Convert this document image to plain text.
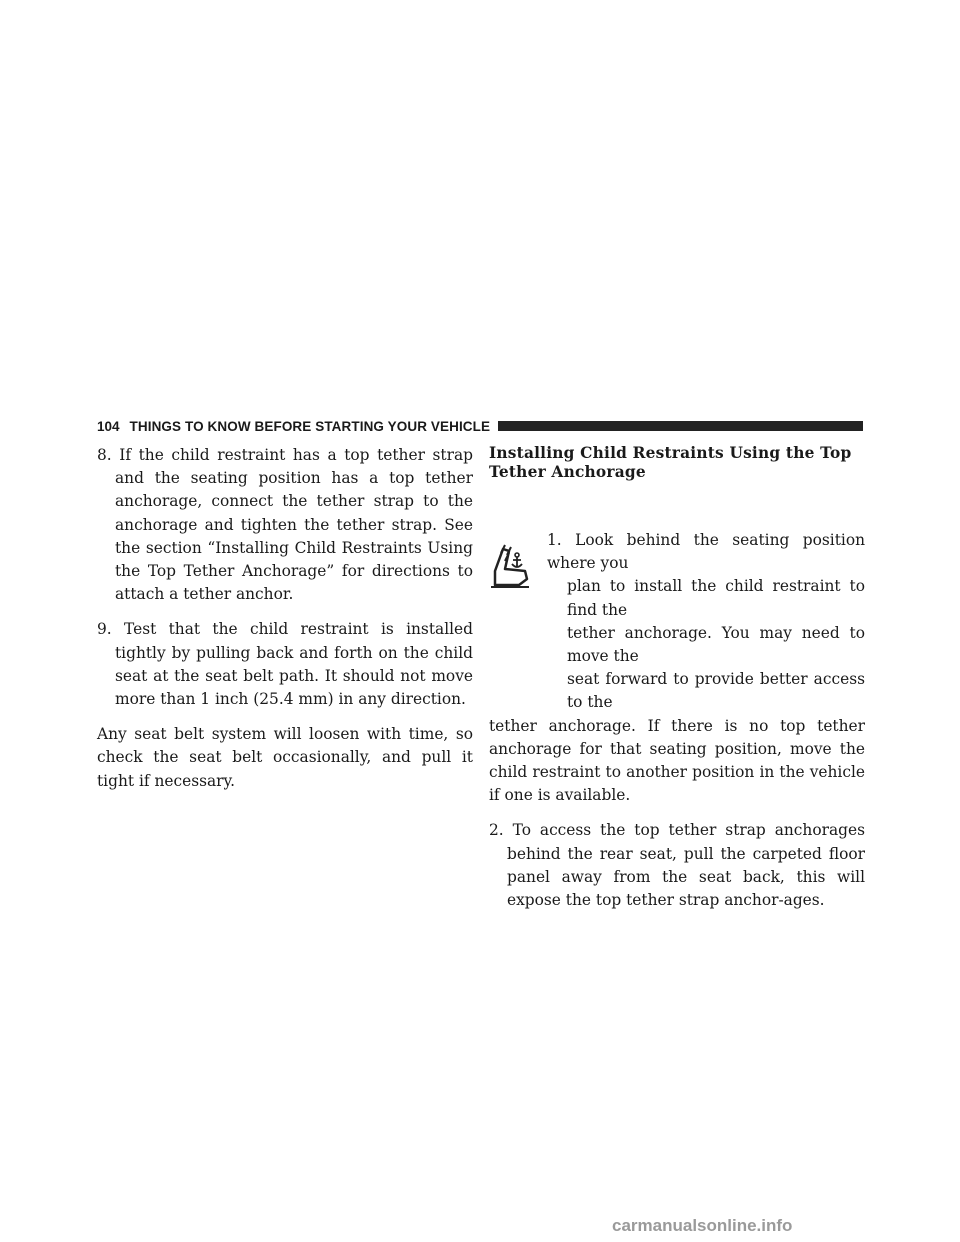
104 THINGS TO KNOW BEFORE STARTING YOUR VEHICLE

8. If the child restraint has a top tether strap and the seating position has a top tether anchorage, connect the tether strap to the anchorage and tighten the tether strap. See the section “Installing Child Restraints Using the Top Tether Anchorage” for directions to attach a tether anchor.

9. Test that the child restraint is installed tightly by pulling back and forth on the child seat at the seat belt path. It should not move more than 1 inch (25.4 mm) in any direction.

Any seat belt system will loosen with time, so check the seat belt occasionally, and pull it tight if necessary.

Installing Child Restraints Using the Top Tether Anchorage
1. Look behind the seating position where you
plan to install the child restraint to find the
tether anchorage. You may need to move the
seat forward to provide better access to the
tether anchorage. If there is no top tether anchorage for that seating position, move the child restraint to another position in the vehicle if one is available.

2. To access the top tether strap anchorages behind the rear seat, pull the carpeted floor panel away from the seat back, this will expose the top tether strap anchor-ages.

carmanualsonline.info
